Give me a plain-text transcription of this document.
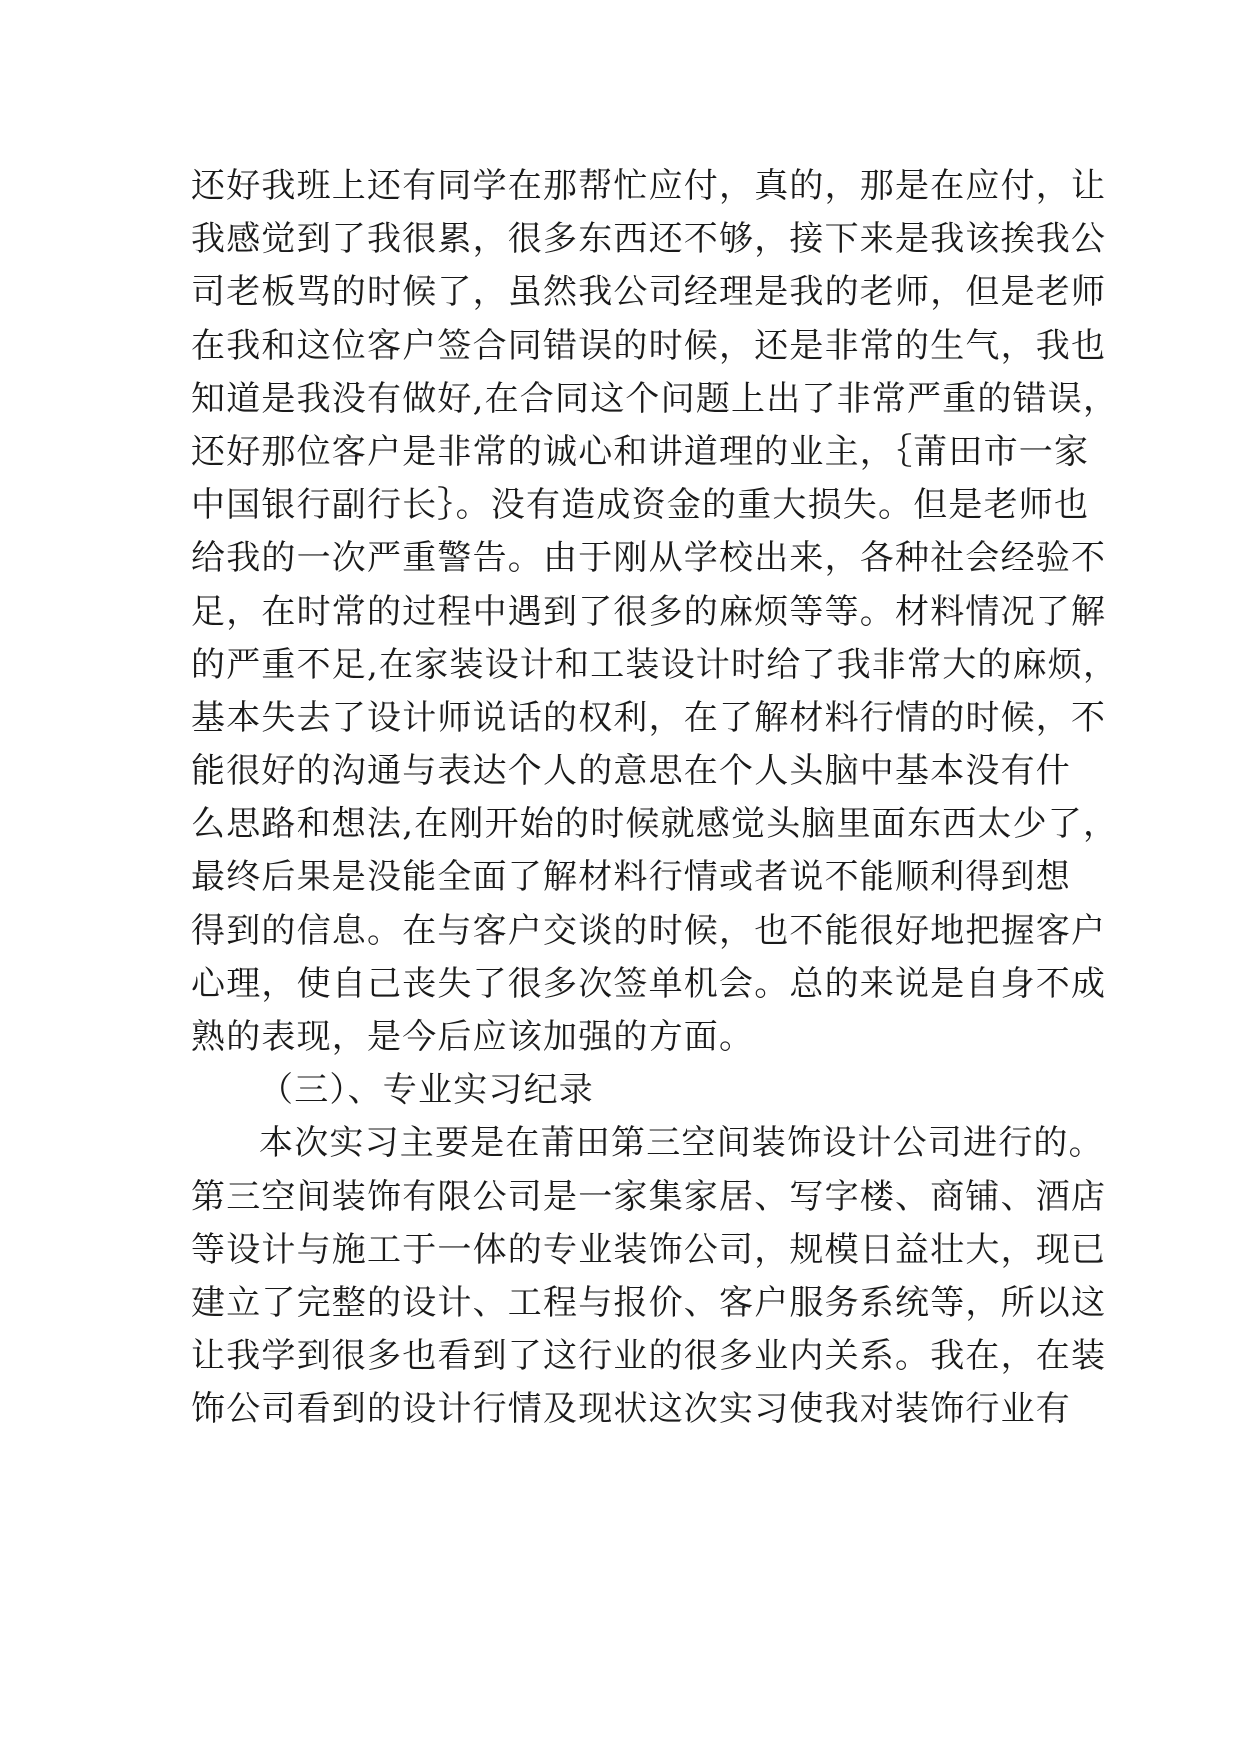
还好我班上还有同学在那帮忙应付，真的，那是在应付，让
我感觉到了我很累，很多东西还不够，接下来是我该挨我公
司老板骂的时候了，虽然我公司经理是我的老师，但是老师
在我和这位客户签合同错误的时候，还是非常的生气，我也
知道是我没有做好,在合同这个问题上出了非常严重的错误，
还好那位客户是非常的诚心和讲道理的业主，｛莆田市一家
中国银行副行长｝。没有造成资金的重大损失。但是老师也
给我的一次严重警告。由于刚从学校出来，各种社会经验不
足，在时常的过程中遇到了很多的麻烦等等。材料情况了解
的严重不足,在家装设计和工装设计时给了我非常大的麻烦，
基本失去了设计师说话的权利，在了解材料行情的时候，不
能很好的沟通与表达个人的意思在个人头脑中基本没有什
么思路和想法,在刚开始的时候就感觉头脑里面东西太少了，
最终后果是没能全面了解材料行情或者说不能顺利得到想
得到的信息。在与客户交谈的时候，也不能很好地把握客户
心理，使自己丧失了很多次签单机会。总的来说是自身不成
熟的表现，是今后应该加强的方面。
（三）、专业实习纪录
本次实习主要是在莆田第三空间装饰设计公司进行的。
第三空间装饰有限公司是一家集家居、写字楼、商铺、酒店
等设计与施工于一体的专业装饰公司，规模日益壮大，现已
建立了完整的设计、工程与报价、客户服务系统等，所以这
让我学到很多也看到了这行业的很多业内关系。我在，在装
饰公司看到的设计行情及现状这次实习使我对装饰行业有
